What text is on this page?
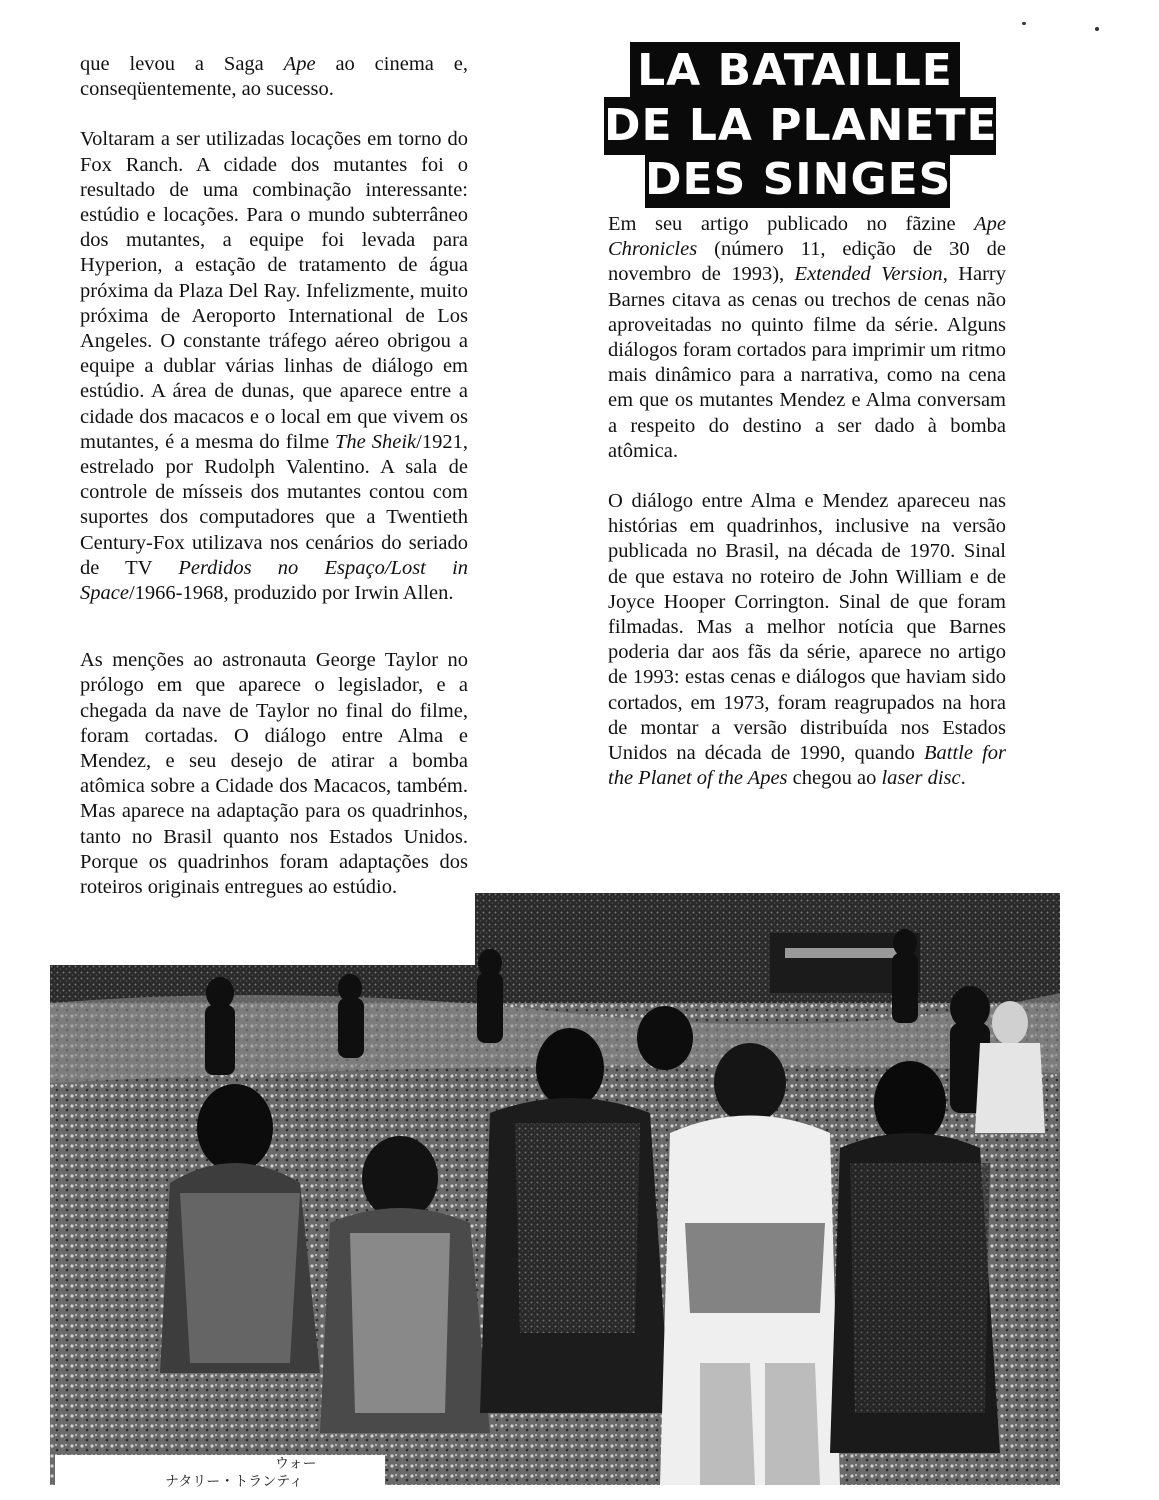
LA BATAILLE
DE LA PLANETE
DES SINGES

que levou a Saga Ape ao cinema e, conseqüentemente, ao sucesso.

Voltaram a ser utilizadas locações em torno do Fox Ranch. A cidade dos mutantes foi o resultado de uma combinação interessante: estúdio e locações. Para o mundo subterrâneo dos mutantes, a equipe foi levada para Hyperion, a estação de tratamento de água próxima da Plaza Del Ray. Infelizmente, muito próxima de Aeroporto International de Los Angeles. O constante tráfego aéreo obrigou a equipe a dublar várias linhas de diálogo em estúdio. A área de dunas, que aparece entre a cidade dos macacos e o local em que vivem os mutantes, é a mesma do filme The Sheik/1921, estrelado por Rudolph Valentino. A sala de controle de mísseis dos mutantes contou com suportes dos computadores que a Twentieth Century-Fox utilizava nos cenários do seriado de TV Perdidos no Espaço/Lost in Space/1966-1968, produzido por Irwin Allen.

As menções ao astronauta George Taylor no prólogo em que aparece o legislador, e a chegada da nave de Taylor no final do filme, foram cortadas. O diálogo entre Alma e Mendez, e seu desejo de atirar a bomba atômica sobre a Cidade dos Macacos, também. Mas aparece na adaptação para os quadrinhos, tanto no Brasil quanto nos Estados Unidos. Porque os quadrinhos foram adaptações dos roteiros originais entregues ao estúdio.

Em seu artigo publicado no fãzine Ape Chronicles (número 11, edição de 30 de novembro de 1993), Extended Version, Harry Barnes citava as cenas ou trechos de cenas não aproveitadas no quinto filme da série. Alguns diálogos foram cortados para imprimir um ritmo mais dinâmico para a narrativa, como na cena em que os mutantes Mendez e Alma conversam a respeito do destino a ser dado à bomba atômica.

O diálogo entre Alma e Mendez apareceu nas histórias em quadrinhos, inclusive na versão publicada no Brasil, na década de 1970. Sinal de que estava no roteiro de John William e de Joyce Hooper Corrington. Sinal de que foram filmadas. Mas a melhor notícia que Barnes poderia dar aos fãs da série, aparece no artigo de 1993: estas cenas e diálogos que haviam sido cortados, em 1973, foram reagrupados na hora de montar a versão distribuída nos Estados Unidos na década de 1990, quando Battle for the Planet of the Apes chegou ao laser disc.

ウォー
ナタリー・トランティ
